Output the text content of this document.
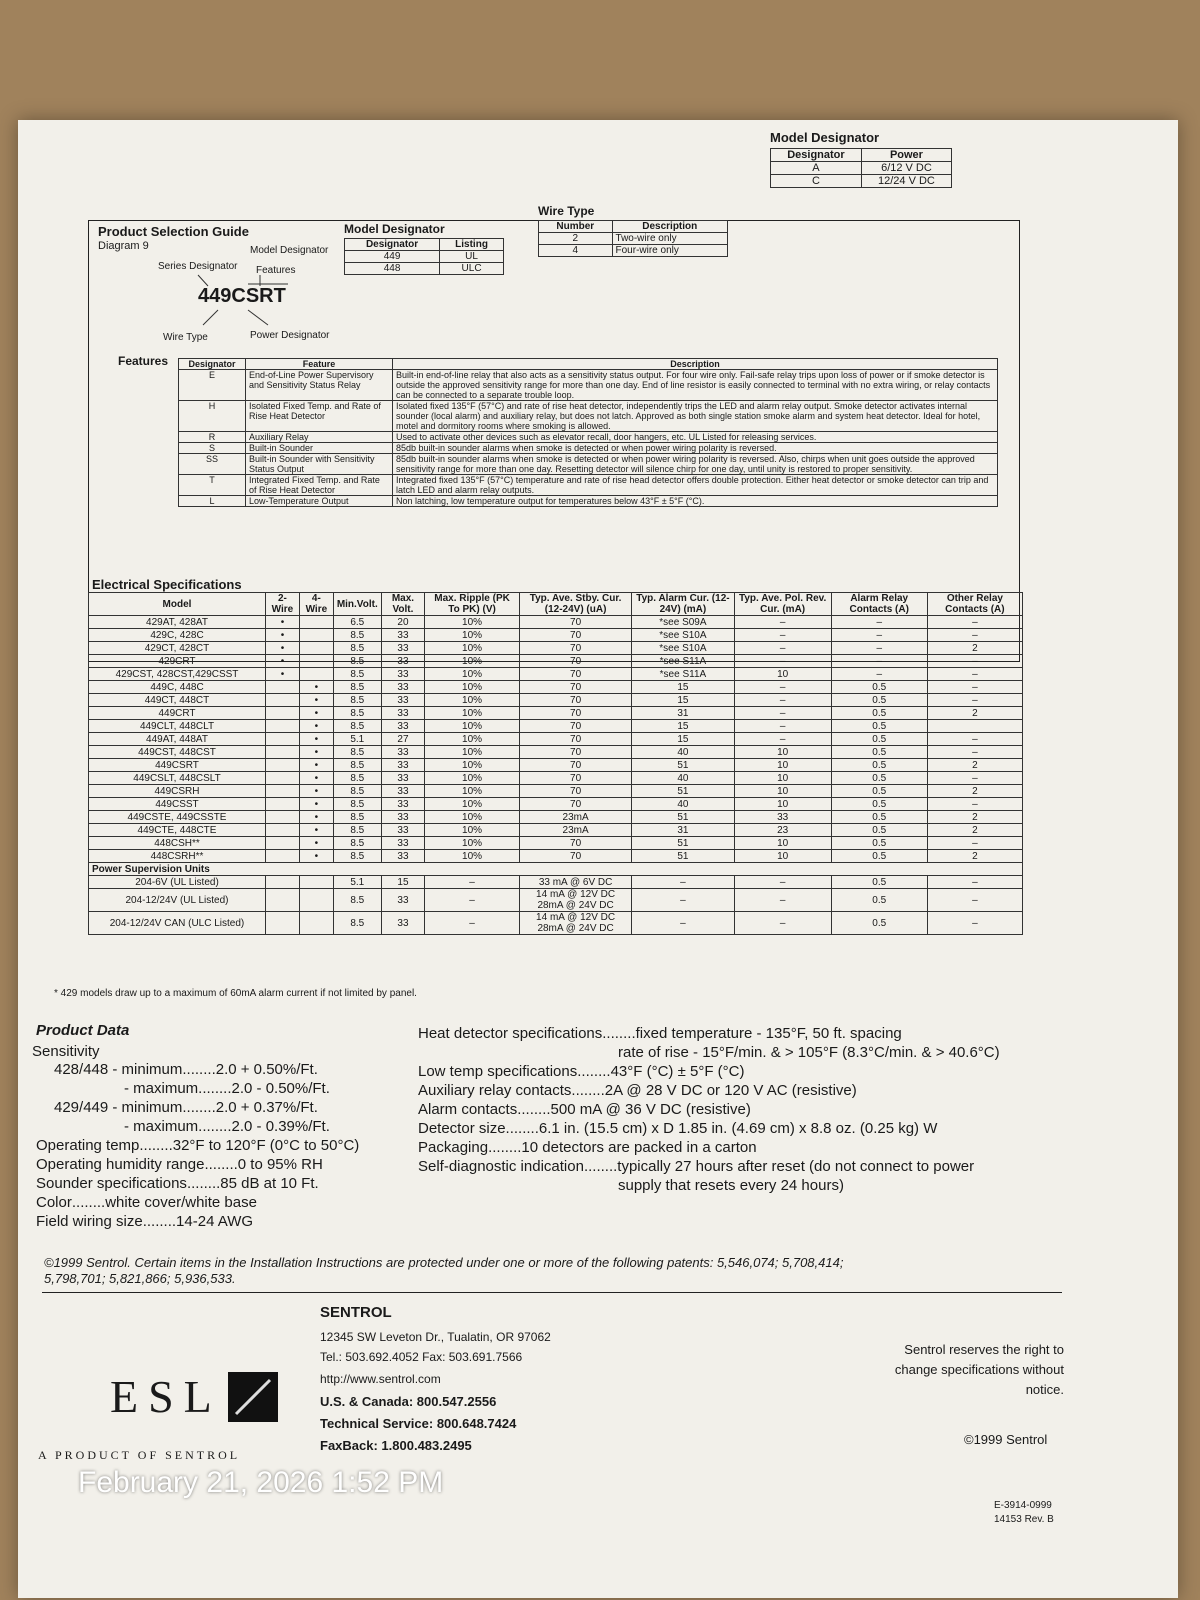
Product Selection Guide
Diagram 9	Model Designator
Series Designator Features
449CSRT
Wire Type	Power Designator
Model Designator
Designator	Listing
449	UL
448	ULC
Wire Type
Number	Description
2	Two-wire only
4	Four-wire only
Model Designator
Designator	Power
A	6/12 V DC
C	12/24 V DC
Features Designator	Feature	Description
E	End-of-Line Power Supervisory and Sensitivity Status Relay	Built-in end-of-line relay that also acts as a sensitivity status output. For four wire only. Fail-safe relay trips upon loss of power or if smoke detector is outside the approved sensitivity range for more than one day. End of line resistor is easily connected to terminal with no extra wiring, or relay contacts can be connected to a separate trouble loop.
H	Isolated Fixed Temp. and Rate of Rise Heat Detector	Isolated fixed 135°F (57°C) and rate of rise heat detector, independently trips the LED and alarm relay output. Smoke detector activates internal sounder (local alarm) and auxiliary relay, but does not latch. Approved as both single station smoke alarm and system heat detector. Ideal for hotel, motel and dormitory rooms where smoking is allowed.
R	Auxiliary Relay	Used to activate other devices such as elevator recall, door hangers, etc. UL Listed for releasing services.
S	Built-in Sounder	85db built-in sounder alarms when smoke is detected or when power wiring polarity is reversed.
SS	Built-in Sounder with Sensitivity Status Output	85db built-in sounder alarms when smoke is detected or when power wiring polarity is reversed. Also, chirps when unit goes outside the approved sensitivity range for more than one day. Resetting detector will silence chirp for one day, until unity is restored to proper sensitivity.
T	Integrated Fixed Temp. and Rate of Rise Heat Detector	Integrated fixed 135°F (57°C) temperature and rate of rise head detector offers double protection. Either heat detector or smoke detector can trip and latch LED and alarm relay outputs.
L	Low-Temperature Output	Non latching, low temperature output for temperatures below 43°F ± 5°F (°C).
Electrical Specifications
Model	2-Wire	4-Wire	Min.Volt.	Max. Volt.	Max. Ripple (PK To PK) (V)	Typ. Ave. Stby. Cur. (12-24V) (uA)	Typ. Alarm Cur. (12-24V) (mA)	Typ. Ave. Pol. Rev. Cur. (mA)	Alarm Relay Contacts (A)	Other Relay Contacts (A)
429AT, 428AT	•		6.5	20	10%	70	*see S09A	–	–	–
429C, 428C	•		8.5	33	10%	70	*see S10A	–	–	–
429CT, 428CT	•		8.5	33	10%	70	*see S10A	–	–	2
429CRT	•		8.5	33	10%	70	*see S11A	–	–	–
429CST, 428CST,429CSST	•		8.5	33	10%	70	*see S11A	10	–	–
449C, 448C		•	8.5	33	10%	70	15	–	0.5	–
449CT, 448CT		•	8.5	33	10%	70	15	–	0.5	–
449CRT		•	8.5	33	10%	70	31	–	0.5	2
449CLT, 448CLT		•	8.5	33	10%	70	15	–	0.5	
449AT, 448AT		•	5.1	27	10%	70	15	–	0.5	–
449CST, 448CST		•	8.5	33	10%	70	40	10	0.5	–
449CSRT		•	8.5	33	10%	70	51	10	0.5	2
449CSLT, 448CSLT		•	8.5	33	10%	70	40	10	0.5	–
449CSRH		•	8.5	33	10%	70	51	10	0.5	2
449CSST		•	8.5	33	10%	70	40	10	0.5	–
449CSTE, 449CSSTE		•	8.5	33	10%	23mA	51	33	0.5	2
449CTE, 448CTE		•	8.5	33	10%	23mA	31	23	0.5	2
448CSH**		•	8.5	33	10%	70	51	10	0.5	–
448CSRH**		•	8.5	33	10%	70	51	10	0.5	2
Power Supervision Units										
204-6V (UL Listed)			5.1	15	–	33 mA @ 6V DC	–	–	0.5	–
204-12/24V (UL Listed)			8.5	33	–	14 mA @ 12V DC 28mA @ 24V DC	–	–	0.5	–
204-12/24V CAN (ULC Listed)			8.5	33	–	14 mA @ 12V DC 28mA @ 24V DC	–	–	0.5	–
* 429 models draw up to a maximum of 60mA alarm current if not limited by panel.
Product Data
Sensitivity
428/448 - minimum ........ 2.0 + 0.50%/Ft.
- maximum ........ 2.0 - 0.50%/Ft.
429/449 - minimum ........ 2.0 + 0.37%/Ft.
- maximum ........ 2.0 - 0.39%/Ft.
Operating temp ........ 32°F to 120°F (0°C to 50°C)
Operating humidity range ........ 0 to 95% RH
Sounder specifications ........ 85 dB at 10 Ft.
Color ........ white cover/white base
Field wiring size ........ 14-24 AWG
Heat detector specifications ........ fixed temperature - 135°F, 50 ft. spacing
rate of rise - 15°F/min. & > 105°F (8.3°C/min. & > 40.6°C)
Low temp specifications ........ 43°F (°C) ± 5°F (°C)
Auxiliary relay contacts ........ 2A @ 28 V DC or 120 V AC (resistive)
Alarm contacts ........ 500 mA @ 36 V DC (resistive)
Detector size ........ 6.1 in. (15.5 cm) x D 1.85 in. (4.69 cm) x 8.8 oz. (0.25 kg) W
Packaging ........ 10 detectors are packed in a carton
Self-diagnostic indication ........ typically 27 hours after reset (do not connect to power
supply that resets every 24 hours)
©1999 Sentrol. Certain items in the Installation Instructions are protected under one or more of the following patents: 5,546,074; 5,708,414; 5,798,701; 5,821,866; 5,936,533.
SENTROL
12345 SW Leveton Dr., Tualatin, OR 97062
Tel.: 503.692.4052 Fax: 503.691.7566
http://www.sentrol.com
U.S. & Canada: 800.547.2556
Technical Service: 800.648.7424
FaxBack: 1.800.483.2495
ESL
A PRODUCT OF SENTROL
Sentrol reserves the right to change specifications without notice.
©1999 Sentrol
E-3914-0999
14153 Rev. B
February 21, 2026 1:52 PM
